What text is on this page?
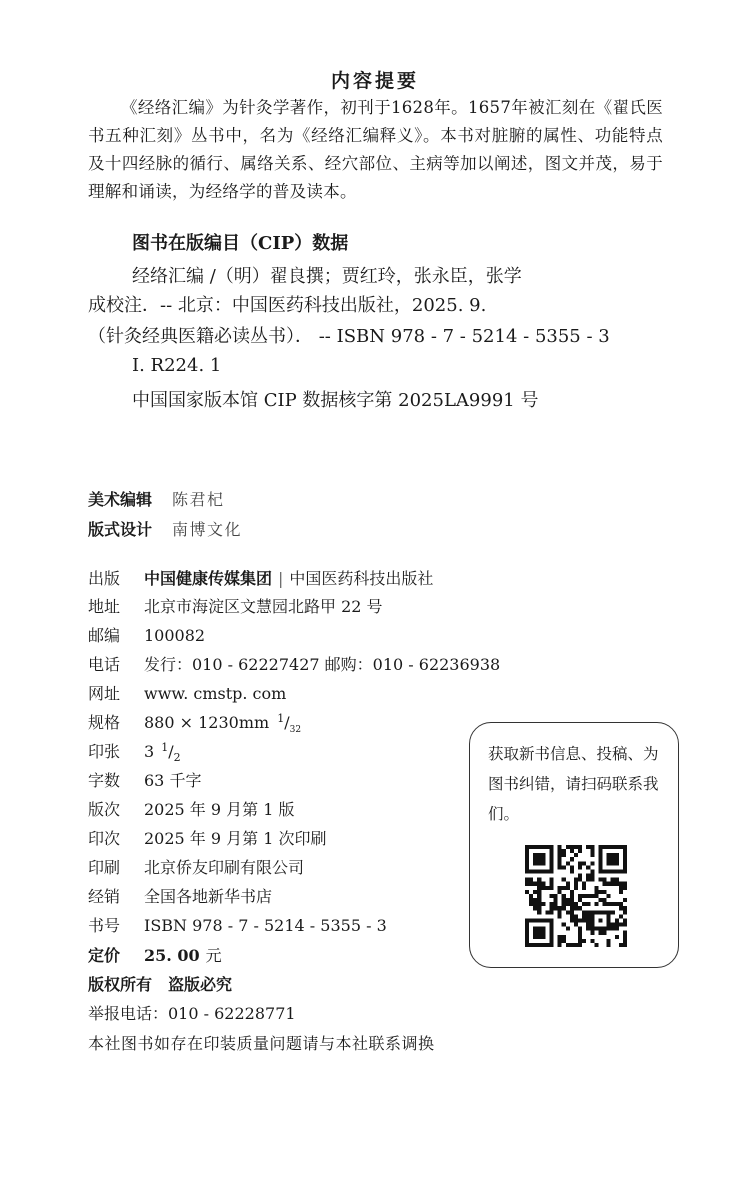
内容提要

《经络汇编》为针灸学著作，初刊于1628年。1657年被汇刻在《翟氏医书五种汇刻》丛书中，名为《经络汇编释义》。本书对脏腑的属性、功能特点及十四经脉的循行、属络关系、经穴部位、主病等加以阐述，图文并茂，易于理解和诵读，为经络学的普及读本。

图书在版编目（CIP）数据
经络汇编 /（明）翟良撰；贾红玲，张永臣，张学
成校注．-- 北京：中国医药科技出版社，2025. 9.
（针灸经典医籍必读丛书）． -- ISBN 978 - 7 - 5214 - 5355 - 3
Ⅰ. R224. 1
中国国家版本馆 CIP 数据核字第 2025LA9991 号
美术编辑 陈君杞
版式设计 南博文化
出版 中国健康传媒集团 | 中国医药科技出版社
地址 北京市海淀区文慧园北路甲 22 号
邮编 100082
电话 发行：010 - 62227427 邮购：010 - 62236938
网址 www. cmstp. com
规格 880 × 1230mm $^1/_{32}$
印张 3 $^1/_2$
字数 63 千字
版次 2025 年 9 月第 1 版
印次 2025 年 9 月第 1 次印刷
印刷 北京侨友印刷有限公司
经销 全国各地新华书店
书号 ISBN 978 - 7 - 5214 - 5355 - 3
定价 25. 00 元
版权所有　盗版必究
举报电话：010 - 62228771
本社图书如存在印装质量问题请与本社联系调换
获取新书信息、投稿、为图书纠错，请扫码联系我们。
